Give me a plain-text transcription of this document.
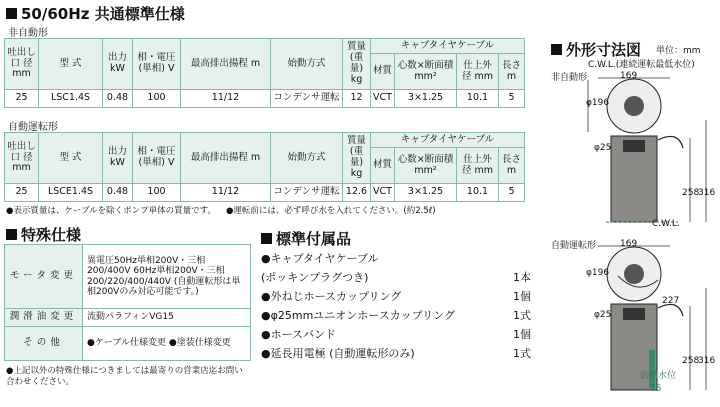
50/60Hz 共通標準仕様
非自動形
吐出し口 径 mm	型 式	出力 kW	相・電圧 (単相) V	最高排出揚程 m	始動方式	質量 (重量) kg	キャブタイヤケーブル			
							材質	心数×断面積 mm²	仕上外径 mm	長さ m
25	LSC1.4S	0.48	100	11/12	コンデンサ運転	12	VCT	3×1.25	10.1	5
自動運転形
吐出し口 径 mm	型 式	出力 kW	相・電圧 (単相) V	最高排出揚程 m	始動方式	質量 (重量) kg	キャブタイヤケーブル			
							材質	心数×断面積 mm²	仕上外径 mm	長さ m
25	LSCE1.4S	0.48	100	11/12	コンデンサ運転	12.6	VCT	3×1.25	10.1	5
●表示質量は、ケーブルを除くポンプ単体の質量です。 ●運転前には、必ず呼び水を入れてください。(約2.5ℓ)
特殊仕様
モータ変更	異電圧50Hz単相200V・三相200/400V 60Hz単相200V・三相200/220/400/440V (自動運転形は単相200Vのみ対応可能です。)
潤滑油変更	流動パラフィンVG15
その他	●ケーブル仕様変更 ●塗装仕様変更
●上記以外の特殊仕様につきましては最寄りの営業店迄お問い合わせください。
標準付属品
●キャブタイヤケーブル
(ポッキンプラグつき)	1本
●外ねじホースカップリング	1個
●φ25mmユニオンホースカップリング	1式
●ホースバンド	1個
●延長用電極 (自動運転形のみ)	1式
外形寸法図 単位：mm
C.W.L.(連続運転最低水位)
非自動形
自動運転形
169
φ196
φ25
258
316
C.W.L.
169
φ196
227
φ25
258
316
始動水位
85
